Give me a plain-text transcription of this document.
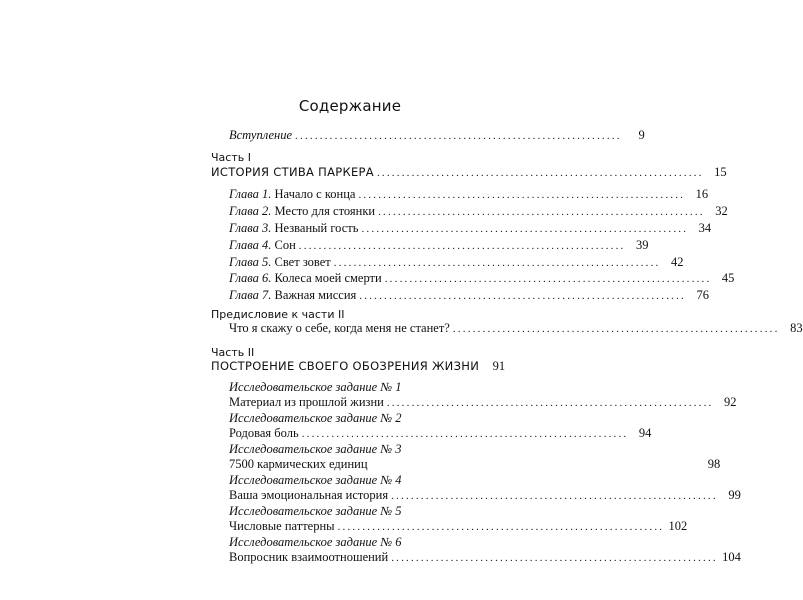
Содержание
Вступление ..................................................................	9
Часть I
ИСТОРИЯ СТИВА ПАРКЕРА .................................................................. 15
Глава 1. Начало с конца .................................................................. 16
Глава 2. Место для стоянки .................................................................. 32
Глава 3. Незваный гость .................................................................. 34
Глава 4. Сон .................................................................. 39
Глава 5. Свет зовет .................................................................. 42
Глава 6. Колеса моей смерти .................................................................. 45
Глава 7. Важная миссия .................................................................. 76
Предисловие к части II
Что я скажу о себе, когда меня не станет? .................................................................. 83
Часть II
ПОСТРОЕНИЕ СВОЕГО ОБОЗРЕНИЯ ЖИЗНИ	91
Исследовательское задание № 1
Материал из прошлой жизни .................................................................. 92
Исследовательское задание № 2
Родовая боль .................................................................. 94
Исследовательское задание № 3
7500 кармических единиц	98
Исследовательское задание № 4
Ваша эмоциональная история .................................................................. 99
Исследовательское задание № 5
Числовые паттерны .................................................................. 102
Исследовательское задание № 6
Вопросник взаимоотношений .................................................................. 104
